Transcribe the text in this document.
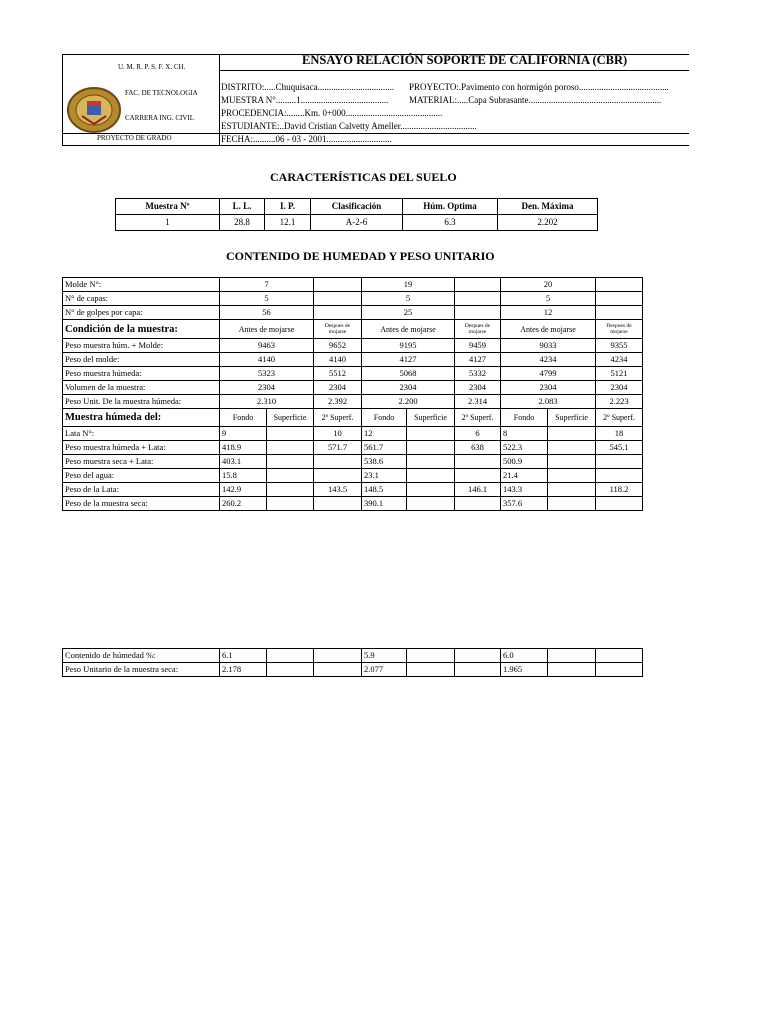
U. M. R. P. S. F. X. CH.
FAC. DE TECNOLOGIA
CARRERA ING. CIVIL
PROYECTO DE GRADO
ENSAYO RELACIÓN SOPORTE DE CALIFORNIA (CBR)
DISTRITO:.....Chuquisaca..................................	PROYECTO:.Pavimento con hormigón poroso........................................
MUESTRA N°.........1.......................................	MATERIAL:.....Capa Subrasante...........................................................
PROCEDENCIA:........Km. 0+000...........................................
ESTUDIANTE:..David Cristian Calvetty Ameller..................................
FECHA:..........06 - 03 - 2001.............................
CARACTERÍSTICAS DEL SUELO
Muestra Nº	L. L.	I. P.	Clasificación	Húm. Optima	Den. Máxima
1	28.8	12.1	A-2-6	6.3	2.202
CONTENIDO DE HUMEDAD Y PESO UNITARIO
Molde N°:	7			19			20		
N° de capas:	5			5			5		
N° de golpes por capa:	56			25			12		
Condición de la muestra:	Antes de mojarse		Despues de mojarse	Antes de mojarse		Despues de mojarse	Antes de mojarse		Despues de mojarse
Peso muestra húm. + Molde:	9463		9652	9195		9459	9033		9355
Peso del molde:	4140		4140	4127		4127	4234		4234
Peso muestra húmeda:	5323		5512	5068		5332	4799		5121
Volumen de la muestra:	2304		2304	2304		2304	2304		2304
Peso Unit. De la muestra húmeda:	2.310		2.392	2.200		2.314	2.083		2.223
Muestra húmeda del:	Fondo	Superficie	2º Superf.	Fondo	Superficie	2º Superf.	Fondo	Superficie	2º Superf.
Lata N°:	9		10	12		6	8		18
Peso muestra húmeda + Lata:	418.9		571.7	561.7		638	522.3		545.1
Peso muestra seca + Lata:	403.1			538.6			500.9		
Peso del agua:	15.8			23.1			21.4		
Peso de la Lata:	142.9		143.5	148.5		146.1	143.3		118.2
Peso de la muestra seca:	260.2			390.1			357.6		
Contenido de húmedad %:	6.1			5.9			6.0		
Peso Unitario de la muestra seca:	2.178			2.077			1.965		
